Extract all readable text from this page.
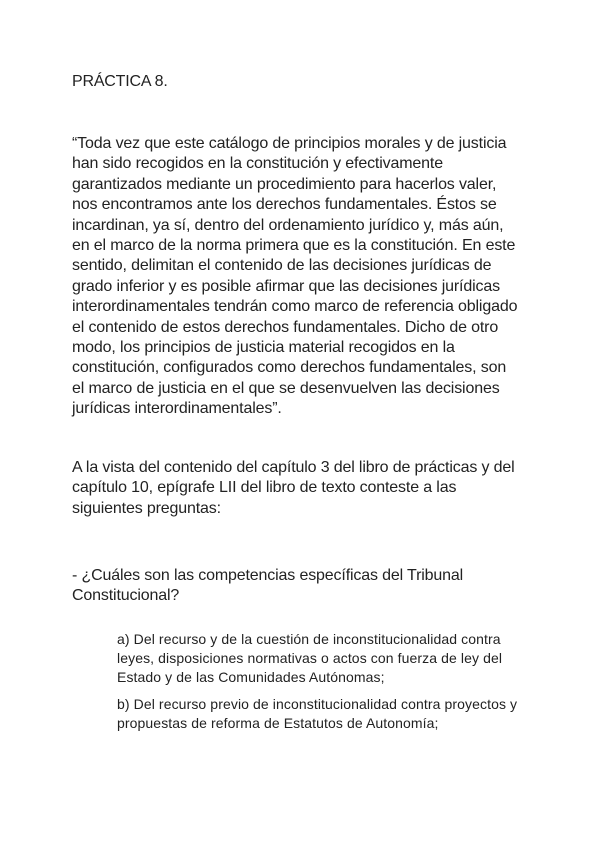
PRÁCTICA 8.

“Toda vez que este catálogo de principios morales y de justicia han sido recogidos en la constitución y efectivamente garantizados mediante un procedimiento para hacerlos valer, nos encontramos ante los derechos fundamentales. Éstos se incardinan, ya sí, dentro del ordenamiento jurídico y, más aún, en el marco de la norma primera que es la constitución. En este sentido, delimitan el contenido de las decisiones jurídicas de grado inferior y es posible afirmar que las decisiones jurídicas interordinamentales tendrán como marco de referencia obligado el contenido de estos derechos fundamentales. Dicho de otro modo, los principios de justicia material recogidos en la constitución, configurados como derechos fundamentales, son el marco de justicia en el que se desenvuelven las decisiones jurídicas interordinamentales”.

A la vista del contenido del capítulo 3 del libro de prácticas y del capítulo 10, epígrafe LII del libro de texto conteste a las siguientes preguntas:

- ¿Cuáles son las competencias específicas del Tribunal Constitucional?

a) Del recurso y de la cuestión de inconstitucionalidad contra leyes, disposiciones normativas o actos con fuerza de ley del Estado y de las Comunidades Autónomas;
b) Del recurso previo de inconstitucionalidad contra proyectos y propuestas de reforma de Estatutos de Autonomía;
